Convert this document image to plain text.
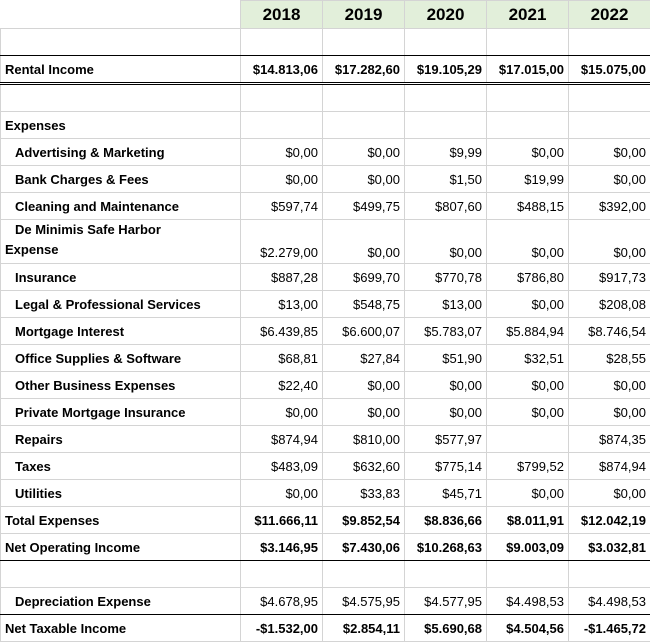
	2018	2019	2020	2021	2022

Rental Income	$14.813,06	$17.282,60	$19.105,29	$17.015,00	$15.075,00

Expenses					
Advertising & Marketing	$0,00	$0,00	$9,99	$0,00	$0,00
Bank Charges & Fees	$0,00	$0,00	$1,50	$19,99	$0,00
Cleaning and Maintenance	$597,74	$499,75	$807,60	$488,15	$392,00
De Minimis Safe Harbor
Expense	$2.279,00	$0,00	$0,00	$0,00	$0,00
Insurance	$887,28	$699,70	$770,78	$786,80	$917,73
Legal & Professional Services	$13,00	$548,75	$13,00	$0,00	$208,08
Mortgage Interest	$6.439,85	$6.600,07	$5.783,07	$5.884,94	$8.746,54
Office Supplies & Software	$68,81	$27,84	$51,90	$32,51	$28,55
Other Business Expenses	$22,40	$0,00	$0,00	$0,00	$0,00
Private Mortgage Insurance	$0,00	$0,00	$0,00	$0,00	$0,00
Repairs	$874,94	$810,00	$577,97		$874,35
Taxes	$483,09	$632,60	$775,14	$799,52	$874,94
Utilities	$0,00	$33,83	$45,71	$0,00	$0,00
Total Expenses	$11.666,11	$9.852,54	$8.836,66	$8.011,91	$12.042,19
Net Operating Income	$3.146,95	$7.430,06	$10.268,63	$9.003,09	$3.032,81

Depreciation Expense	$4.678,95	$4.575,95	$4.577,95	$4.498,53	$4.498,53
Net Taxable Income	-$1.532,00	$2.854,11	$5.690,68	$4.504,56	-$1.465,72
